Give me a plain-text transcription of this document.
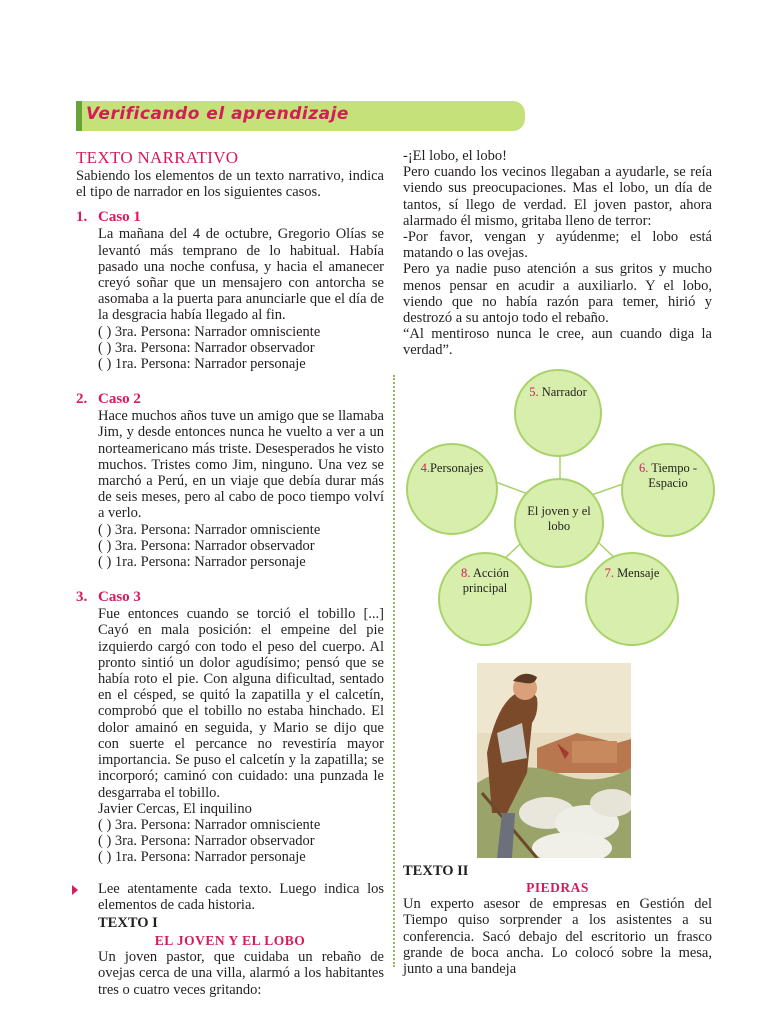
Verificando el aprendizaje
TEXTO NARRATIVO

Sabiendo los elementos de un texto narrativo, indica el tipo de narrador en los siguientes casos.

1. Caso 1

La mañana del 4 de octubre, Gregorio Olías se levantó más temprano de lo habitual. Había pasado una noche confusa, y hacia el amanecer creyó soñar que un mensajero con antorcha se asomaba a la puerta para anunciarle que el día de la desgracia había llegado al fin.

( ) 3ra. Persona: Narrador omnisciente
( ) 3ra. Persona: Narrador observador
( ) 1ra. Persona: Narrador personaje
2. Caso 2

Hace muchos años tuve un amigo que se llamaba Jim, y desde entonces nunca he vuelto a ver a un norteamericano más triste. Desesperados he visto muchos. Tristes como Jim, ninguno. Una vez se marchó a Perú, en un viaje que debía durar más de seis meses, pero al cabo de poco tiempo volví a verlo.

( ) 3ra. Persona: Narrador omnisciente
( ) 3ra. Persona: Narrador observador
( ) 1ra. Persona: Narrador personaje
3. Caso 3

Fue entonces cuando se torció el tobillo [...] Cayó en mala posición: el empeine del pie izquierdo cargó con todo el peso del cuerpo. Al pronto sintió un dolor agudísimo; pensó que se había roto el pie. Con alguna dificultad, sentado en el césped, se quitó la zapatilla y el calcetín, comprobó que el tobillo no estaba hinchado. El dolor amainó en seguida, y Mario se dijo que con suerte el percance no revestiría mayor importancia. Se puso el calcetín y la zapatilla; se incorporó; caminó con cuidado: una punzada le desgarraba el tobillo.

Javier Cercas, El inquilino
( ) 3ra. Persona: Narrador omnisciente
( ) 3ra. Persona: Narrador observador
( ) 1ra. Persona: Narrador personaje

Lee atentamente cada texto. Luego indica los elementos de cada historia.

TEXTO I
EL JOVEN Y EL LOBO

Un joven pastor, que cuidaba un rebaño de ovejas cerca de una villa, alarmó a los habitantes tres o cuatro veces gritando:

-¡El lobo, el lobo!

Pero cuando los vecinos llegaban a ayudarle, se reía viendo sus preocupaciones. Mas el lobo, un día de tantos, sí llego de verdad. El joven pastor, ahora alarmado él mismo, gritaba lleno de terror:

-Por favor, vengan y ayúdenme; el lobo está matando o las ovejas.

Pero ya nadie puso atención a sus gritos y mucho menos pensar en acudir a auxiliarlo. Y el lobo, viendo que no había razón para temer, hirió y destrozó a su antojo todo el rebaño.

“Al mentiroso nunca le cree, aun cuando diga la verdad”.

El joven y el lobo
5. Narrador
4.Personajes	6. Tiempo - Espacio
8. Acción principal
7. Mensaje
TEXTO II
PIEDRAS

Un experto asesor de empresas en Gestión del Tiempo quiso sorprender a los asistentes a su conferencia. Sacó debajo del escritorio un frasco grande de boca ancha. Lo colocó sobre la mesa, junto a una bandeja
